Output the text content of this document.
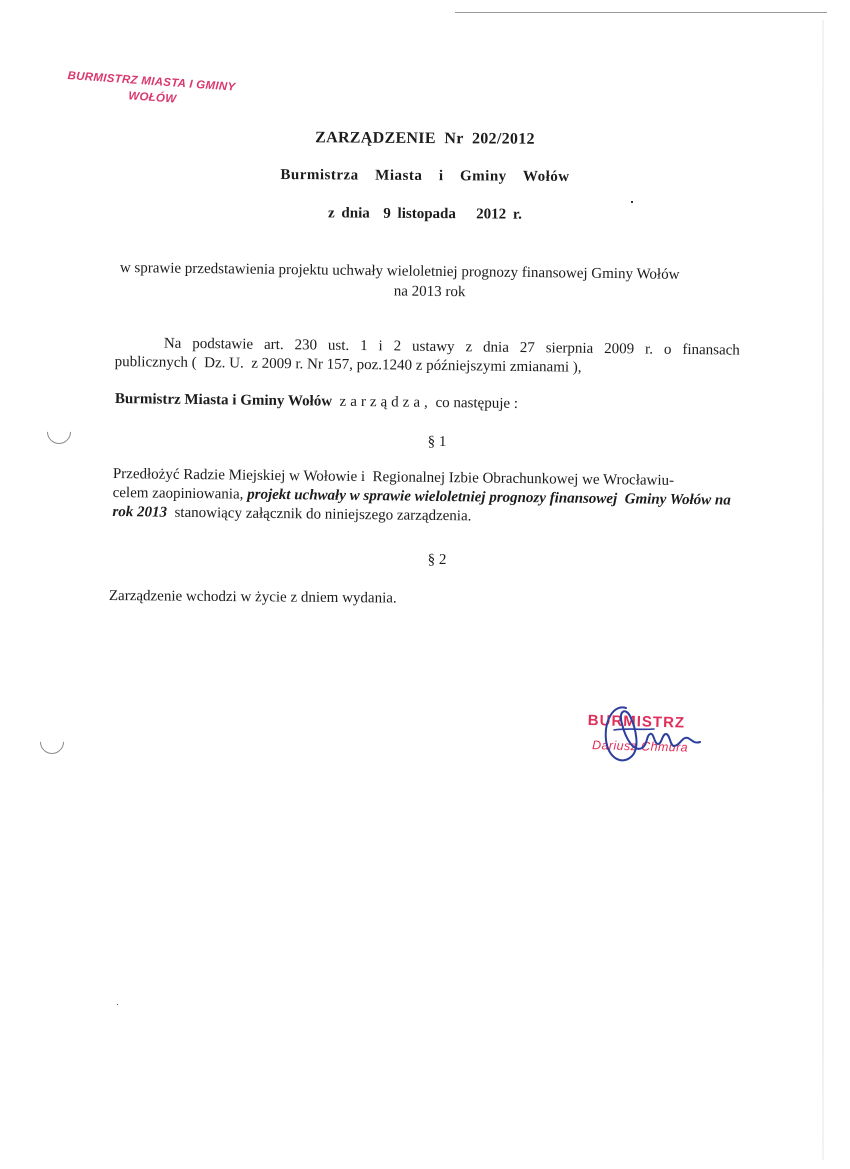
BURMISTRZ MIASTA I GMINY
WOŁÓW
ZARZĄDZENIE  Nr  202/2012
Burmistrza  Miasta  i  Gminy  Wołów
z dnia  9 listopada   2012 r.
w sprawie przedstawienia projektu uchwały wieloletniej prognozy finansowej Gminy Wołów
na 2013 rok
Na podstawie art. 230 ust. 1 i 2 ustawy z dnia 27 sierpnia 2009 r. o finansach
publicznych (  Dz. U.  z 2009 r. Nr 157, poz.1240 z późniejszymi zmianami ),
Burmistrz Miasta i Gminy Wołów zarządza, co następuje :
§ 1
Przedłożyć Radzie Miejskiej w Wołowie i  Regionalnej Izbie Obrachunkowej we Wrocławiu-
celem zaopiniowania, projekt uchwały w sprawie wieloletniej prognozy finansowej  Gminy Wołów na rok 2013 stanowiący załącznik do niniejszego zarządzenia.
§ 2
Zarządzenie wchodzi w życie z dniem wydania.
BURMISTRZ
Dariusz Chmura
